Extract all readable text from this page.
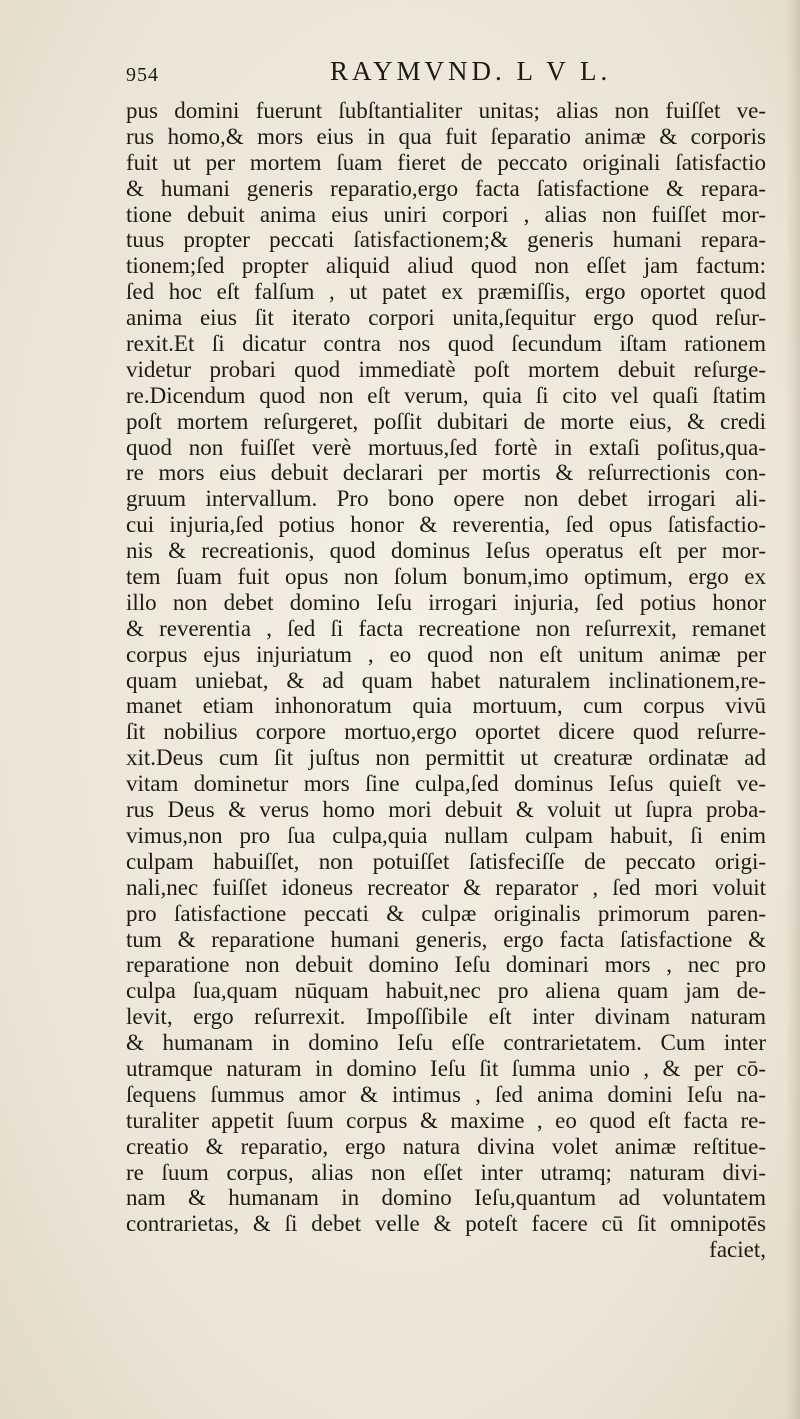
954	RAYMVND. L V L.
pus domini fuerunt ſubſtantialiter unitas; alias non fuiſſet ve-
rus homo,& mors eius in qua fuit ſeparatio animæ & corporis
fuit ut per mortem ſuam fieret de peccato originali ſatisfactio
& humani generis reparatio,ergo facta ſatisfactione & repara-
tione debuit anima eius uniri corpori , alias non fuiſſet mor-
tuus propter peccati ſatisfactionem;& generis humani repara-
tionem;ſed propter aliquid aliud quod non eſſet jam factum:
ſed hoc eſt falſum , ut patet ex præmiſſis, ergo oportet quod
anima eius ſit iterato corpori unita,ſequitur ergo quod reſur-
rexit.Et ſi dicatur contra nos quod ſecundum iſtam rationem
videtur probari quod immediatè poſt mortem debuit reſurge-
re.Dicendum quod non eſt verum, quia ſi cito vel quaſi ſtatim
poſt mortem reſurgeret, poſſit dubitari de morte eius, & credi
quod non fuiſſet verè mortuus,ſed fortè in extaſi poſitus,qua-
re mors eius debuit declarari per mortis & reſurrectionis con-
gruum intervallum. Pro bono opere non debet irrogari ali-
cui injuria,ſed potius honor & reverentia, ſed opus ſatisfactio-
nis & recreationis, quod dominus Ieſus operatus eſt per mor-
tem ſuam fuit opus non ſolum bonum,imo optimum, ergo ex
illo non debet domino Ieſu irrogari injuria, ſed potius honor
& reverentia , ſed ſi facta recreatione non reſurrexit, remanet
corpus ejus injuriatum , eo quod non eſt unitum animæ per
quam uniebat, & ad quam habet naturalem inclinationem,re-
manet etiam inhonoratum quia mortuum, cum corpus vivū
ſit nobilius corpore mortuo,ergo oportet dicere quod reſurre-
xit.Deus cum ſit juſtus non permittit ut creaturæ ordinatæ ad
vitam dominetur mors ſine culpa,ſed dominus Ieſus quieſt ve-
rus Deus & verus homo mori debuit & voluit ut ſupra proba-
vimus,non pro ſua culpa,quia nullam culpam habuit, ſi enim
culpam habuiſſet, non potuiſſet ſatisfeciſſe de peccato origi-
nali,nec fuiſſet idoneus recreator & reparator , ſed mori voluit
pro ſatisfactione peccati & culpæ originalis primorum paren-
tum & reparatione humani generis, ergo facta ſatisfactione &
reparatione non debuit domino Ieſu dominari mors , nec pro
culpa ſua,quam nūquam habuit,nec pro aliena quam jam de-
levit, ergo reſurrexit. Impoſſibile eſt inter divinam naturam
& humanam in domino Ieſu eſſe contrarietatem. Cum inter
utramque naturam in domino Ieſu ſit ſumma unio , & per cō-
ſequens ſummus amor & intimus , ſed anima domini Ieſu na-
turaliter appetit ſuum corpus & maxime , eo quod eſt facta re-
creatio & reparatio, ergo natura divina volet animæ reſtitue-
re ſuum corpus, alias non eſſet inter utramq; naturam divi-
nam & humanam in domino Ieſu,quantum ad voluntatem
contrarietas, & ſi debet velle & poteſt facere cū ſit omnipotēs
faciet,
